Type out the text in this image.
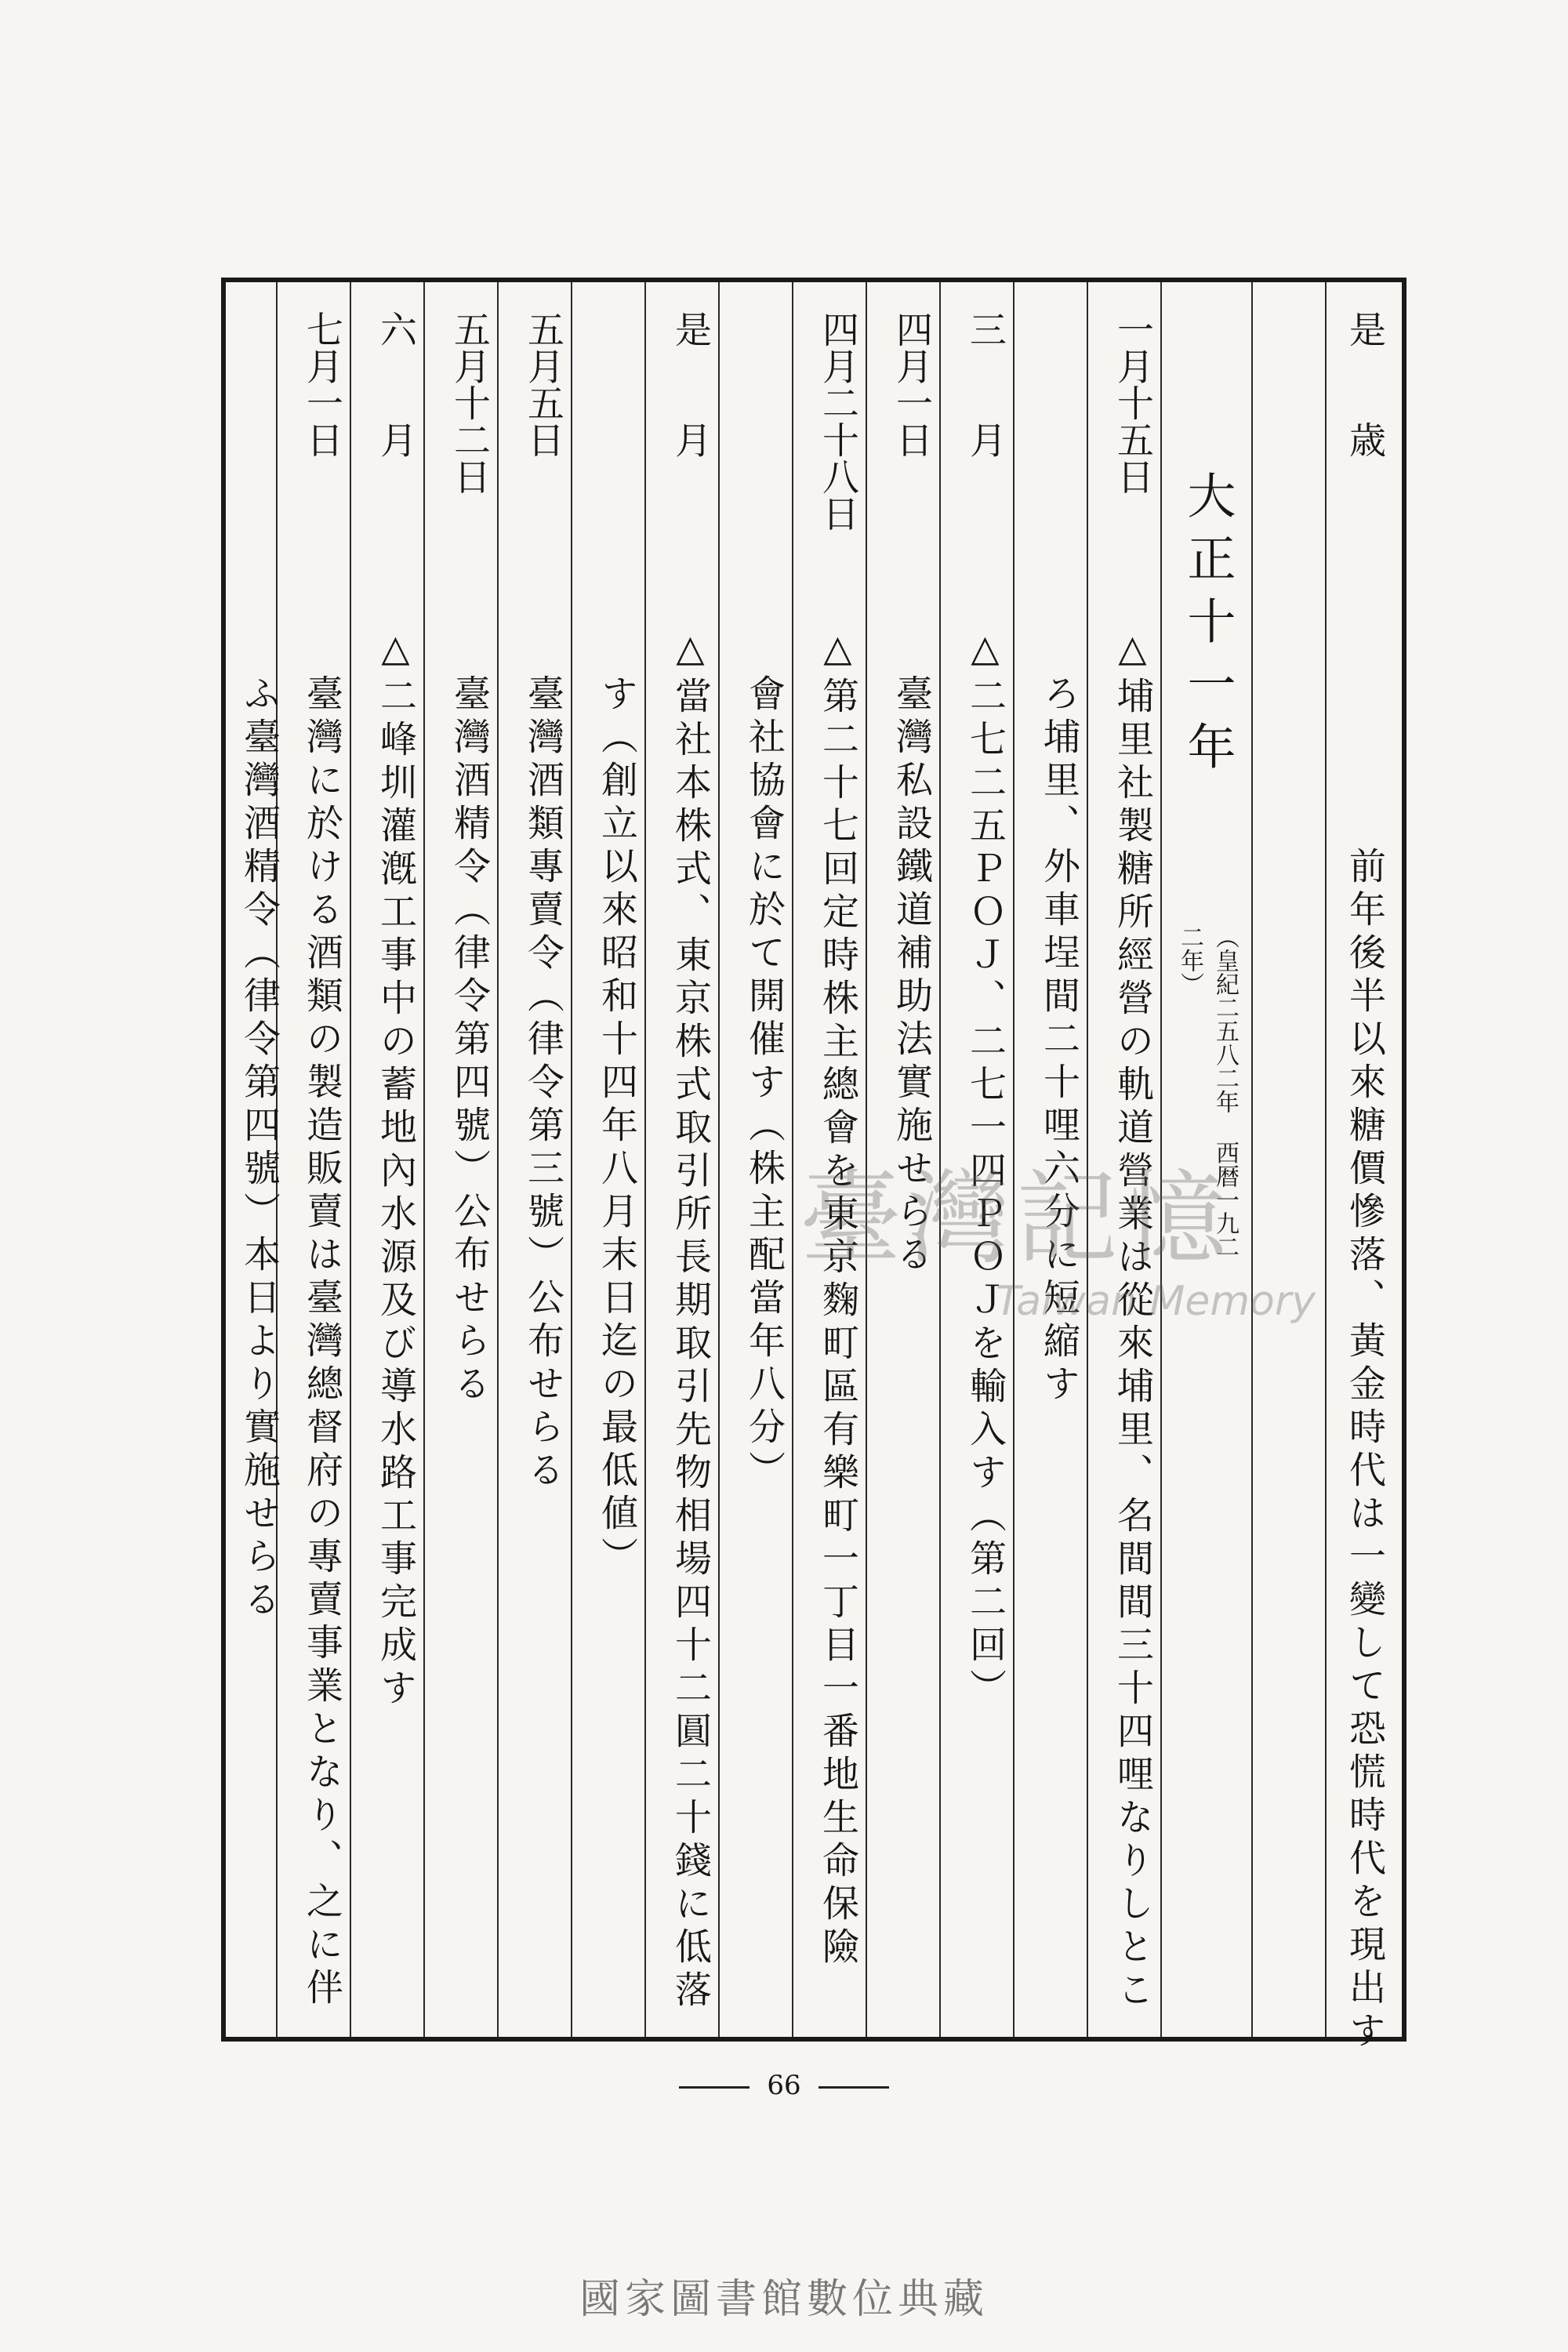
是　　歳
前年後半以來糖價慘落、黃金時代は一變して恐慌時代を現出す
大正十一年
（皇紀二五八二年 西暦一九二二年）
一月十五日
△埔里社製糖所經營の軌道營業は從來埔里、名間間三十四哩なりしとこ
ろ埔里、外車埕間二十哩六分に短縮す
三　　月
△二七二五ＰＯＪ、二七一四ＰＯＪを輸入す（第二回）
四月一日
臺灣私設鐵道補助法實施せらる
四月二十八日
△第二十七回定時株主總會を東京麴町區有樂町一丁目一番地生命保險
會社協會に於て開催す（株主配當年八分）
是　　月
△當社本株式、東京株式取引所長期取引先物相場四十二圓二十錢に低落
す（創立以來昭和十四年八月末日迄の最低値）
五月五日
臺灣酒類專賣令（律令第三號）公布せらる
五月十二日
臺灣酒精令（律令第四號）公布せらる
六　　月
△二峰圳灌漑工事中の蓄地內水源及び導水路工事完成す
七月一日
臺灣に於ける酒類の製造販賣は臺灣總督府の專賣事業となり、之に伴
ふ臺灣酒精令（律令第四號）本日より實施せらる	臺灣記憶
Taiwan Memory
66
國家圖書館數位典藏
